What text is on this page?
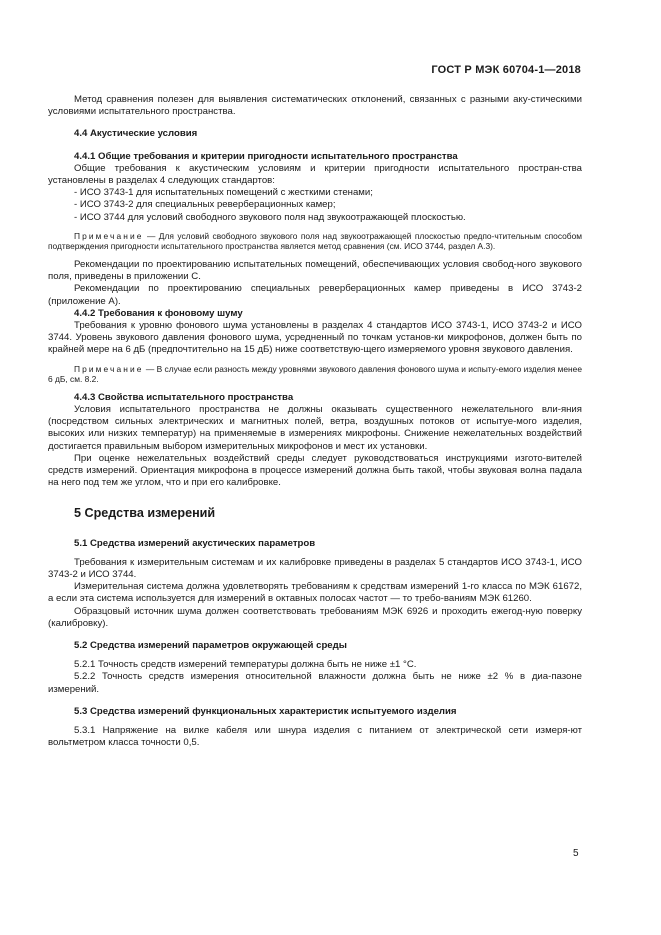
ГОСТ Р МЭК 60704-1—2018

Метод сравнения полезен для выявления систематических отклонений, связанных с разными аку-стическими условиями испытательного пространства.

4.4 Акустические условия

4.4.1 Общие требования и критерии пригодности испытательного пространства

Общие требования к акустическим условиям и критерии пригодности испытательного простран-ства установлены в разделах 4 следующих стандартов:

- ИСО 3743-1 для испытательных помещений с жесткими стенами;

- ИСО 3743-2 для специальных реверберационных камер;

- ИСО 3744 для условий свободного звукового поля над звукоотражающей плоскостью.

Примечание — Для условий свободного звукового поля над звукоотражающей плоскостью предпо-чтительным способом подтверждения пригодности испытательного пространства является метод сравнения (см. ИСО 3744, раздел А.3).

Рекомендации по проектированию испытательных помещений, обеспечивающих условия свобод-ного звукового поля, приведены в приложении С.

Рекомендации по проектированию специальных реверберационных камер приведены в ИСО 3743-2 (приложение А).

4.4.2 Требования к фоновому шуму

Требования к уровню фонового шума установлены в разделах 4 стандартов ИСО 3743-1, ИСО 3743-2 и ИСО 3744. Уровень звукового давления фонового шума, усредненный по точкам установ-ки микрофонов, должен быть по крайней мере на 6 дБ (предпочтительно на 15 дБ) ниже соответствую-щего измеряемого уровня звукового давления.

Примечание — В случае если разность между уровнями звукового давления фонового шума и испыту-емого изделия менее 6 дБ, см. 8.2.

4.4.3 Свойства испытательного пространства

Условия испытательного пространства не должны оказывать существенного нежелательного вли-яния (посредством сильных электрических и магнитных полей, ветра, воздушных потоков от испытуе-мого изделия, высоких или низких температур) на применяемые в измерениях микрофоны. Снижение нежелательных воздействий достигается правильным выбором измерительных микрофонов и мест их установки.

При оценке нежелательных воздействий среды следует руководствоваться инструкциями изгото-вителей средств измерений. Ориентация микрофона в процессе измерений должна быть такой, чтобы звуковая волна падала на него под тем же углом, что и при его калибровке.

5 Средства измерений

5.1 Средства измерений акустических параметров

Требования к измерительным системам и их калибровке приведены в разделах 5 стандартов ИСО 3743-1, ИСО 3743-2 и ИСО 3744.

Измерительная система должна удовлетворять требованиям к средствам измерений 1-го класса по МЭК 61672, а если эта система используется для измерений в октавных полосах частот — то требо-ваниям МЭК 61260.

Образцовый источник шума должен соответствовать требованиям МЭК 6926 и проходить ежегод-ную поверку (калибровку).

5.2 Средства измерений параметров окружающей среды

5.2.1 Точность средств измерений температуры должна быть не ниже ±1 °С.

5.2.2 Точность средств измерения относительной влажности должна быть не ниже ±2 % в диа-пазоне измерений.

5.3 Средства измерений функциональных характеристик испытуемого изделия

5.3.1 Напряжение на вилке кабеля или шнура изделия с питанием от электрической сети измеря-ют вольтметром класса точности 0,5.

5
